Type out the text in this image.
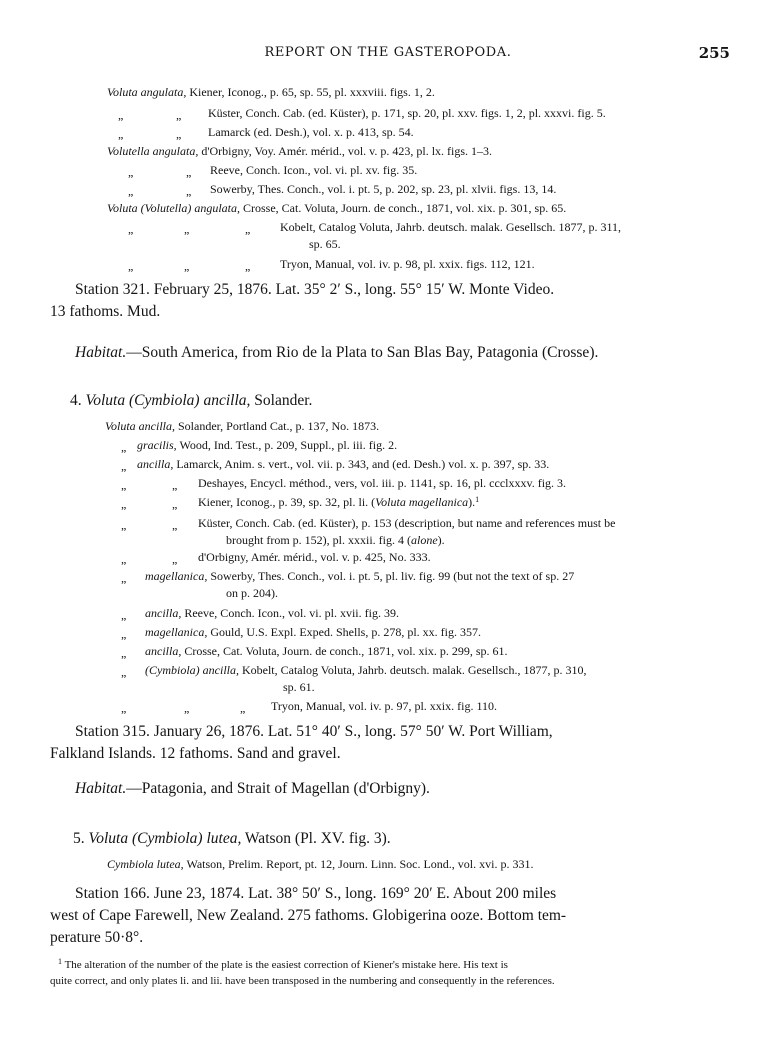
REPORT ON THE GASTEROPODA.	255
Voluta angulata, Kiener, Iconog., p. 65, sp. 55, pl. xxxviii. figs. 1, 2.
„	„ Küster, Conch. Cab. (ed. Küster), p. 171, sp. 20, pl. xxv. figs. 1, 2, pl. xxxvi. fig. 5.
„	„ Lamarck (ed. Desh.), vol. x. p. 413, sp. 54.
Volutella angulata, d'Orbigny, Voy. Amér. mérid., vol. v. p. 423, pl. lx. figs. 1–3.
„	„ Reeve, Conch. Icon., vol. vi. pl. xv. fig. 35.
„	„ Sowerby, Thes. Conch., vol. i. pt. 5, p. 202, sp. 23, pl. xlvii. figs. 13, 14.
Voluta (Volutella) angulata, Crosse, Cat. Voluta, Journ. de conch., 1871, vol. xix. p. 301, sp. 65.
„	„	„ Kobelt, Catalog Voluta, Jahrb. deutsch. malak. Gesellsch. 1877, p. 311,
sp. 65.
„	„	„ Tryon, Manual, vol. iv. p. 98, pl. xxix. figs. 112, 121.
Station 321. February 25, 1876. Lat. 35° 2′ S., long. 55° 15′ W. Monte Video.
13 fathoms. Mud.
Habitat.—South America, from Rio de la Plata to San Blas Bay, Patagonia (Crosse).
4. Voluta (Cymbiola) ancilla, Solander.
Voluta ancilla, Solander, Portland Cat., p. 137, No. 1873.
„ gracilis, Wood, Ind. Test., p. 209, Suppl., pl. iii. fig. 2.
„ ancilla, Lamarck, Anim. s. vert., vol. vii. p. 343, and (ed. Desh.) vol. x. p. 397, sp. 33.
„	„ Deshayes, Encycl. méthod., vers, vol. iii. p. 1141, sp. 16, pl. ccclxxxv. fig. 3.
„	„ Kiener, Iconog., p. 39, sp. 32, pl. li. (Voluta magellanica).$^1$
„	„ Küster, Conch. Cab. (ed. Küster), p. 153 (description, but name and references must be
brought from p. 152), pl. xxxii. fig. 4 (alone).
„	„ d'Orbigny, Amér. mérid., vol. v. p. 425, No. 333.
„ magellanica, Sowerby, Thes. Conch., vol. i. pt. 5, pl. liv. fig. 99 (but not the text of sp. 27
on p. 204).
„ ancilla, Reeve, Conch. Icon., vol. vi. pl. xvii. fig. 39.
„ magellanica, Gould, U.S. Expl. Exped. Shells, p. 278, pl. xx. fig. 357.
„ ancilla, Crosse, Cat. Voluta, Journ. de conch., 1871, vol. xix. p. 299, sp. 61.
„ (Cymbiola) ancilla, Kobelt, Catalog Voluta, Jahrb. deutsch. malak. Gesellsch., 1877, p. 310,
sp. 61.
„	„	„ Tryon, Manual, vol. iv. p. 97, pl. xxix. fig. 110.
Station 315. January 26, 1876. Lat. 51° 40′ S., long. 57° 50′ W. Port William,
Falkland Islands. 12 fathoms. Sand and gravel.
Habitat.—Patagonia, and Strait of Magellan (d'Orbigny).
5. Voluta (Cymbiola) lutea, Watson (Pl. XV. fig. 3).
Cymbiola lutea, Watson, Prelim. Report, pt. 12, Journ. Linn. Soc. Lond., vol. xvi. p. 331.
Station 166. June 23, 1874. Lat. 38° 50′ S., long. 169° 20′ E. About 200 miles
west of Cape Farewell, New Zealand. 275 fathoms. Globigerina ooze. Bottom tem-
perature 50·8°.
$^1$ The alteration of the number of the plate is the easiest correction of Kiener's mistake here. His text is
quite correct, and only plates li. and lii. have been transposed in the numbering and consequently in the references.
